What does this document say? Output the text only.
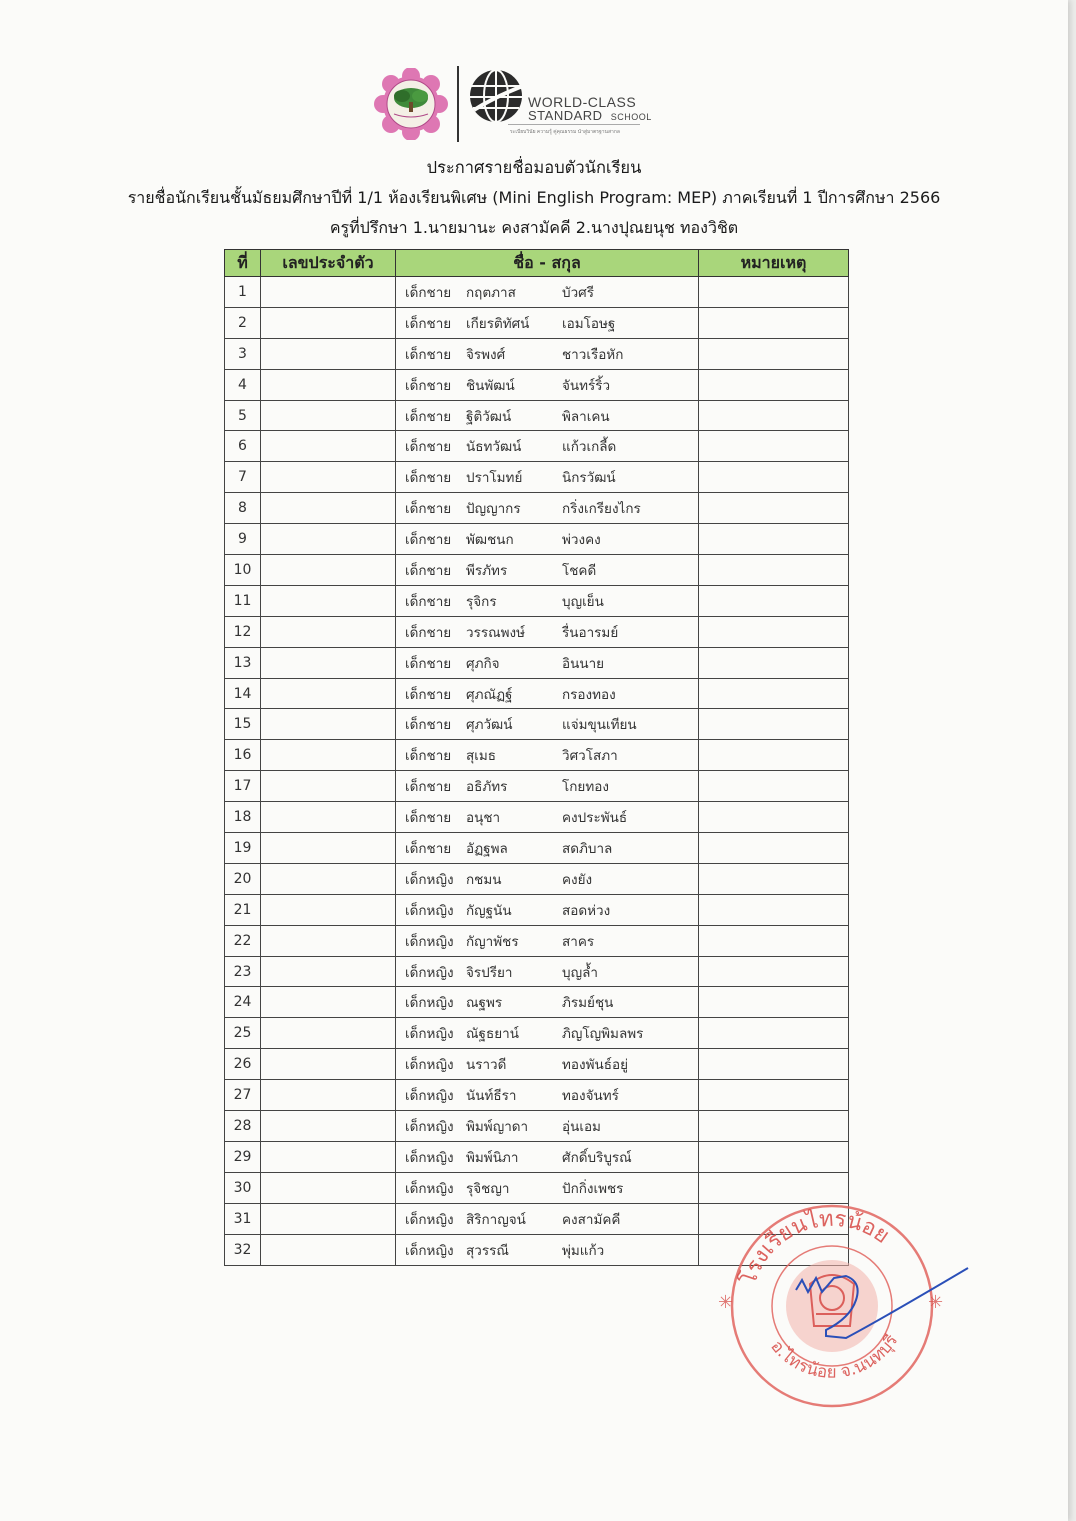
WORLD-CLASS
STANDARD SCHOOL
ระเบียบวินัย ความรู้ คู่คุณธรรม นำสู่มาตรฐานสากล
ประกาศรายชื่อมอบตัวนักเรียน
รายชื่อนักเรียนชั้นมัธยมศึกษาปีที่ 1/1 ห้องเรียนพิเศษ (Mini English Program: MEP) ภาคเรียนที่ 1 ปีการศึกษา 2566
ครูที่ปรึกษา 1.นายมานะ คงสามัคคี 2.นางปุณยนุช ทองวิชิต
ที่	เลขประจำตัว	ชื่อ - สกุล	หมายเหตุ
1		เด็กชาย กฤตภาส บัวศรี	

2		เด็กชาย เกียรติทัศน์ เอมโอษฐ	

3		เด็กชาย จิรพงศ์ ชาวเรือหัก	

4		เด็กชาย ชินพัฒน์ จันทร์ริ้ว	

5		เด็กชาย ฐิติวัฒน์ พิลาเคน	

6		เด็กชาย นัธทวัฒน์ แก้วเกลี้ด	

7		เด็กชาย ปราโมทย์ นิกรวัฒน์	

8		เด็กชาย ปัญญากร กริ่งเกรียงไกร	

9		เด็กชาย พัฒชนก พ่วงคง	

10		เด็กชาย พีรภัทร โชคดี	

11		เด็กชาย รุจิกร บุญเย็น	

12		เด็กชาย วรรณพงษ์ รื่นอารมย์	

13		เด็กชาย ศุภกิจ อินนาย	

14		เด็กชาย ศุภณัฏฐ์ กรองทอง	

15		เด็กชาย ศุภวัฒน์ แจ่มขุนเทียน	

16		เด็กชาย สุเมธ วิศวโสภา	

17		เด็กชาย อธิภัทร โกยทอง	

18		เด็กชาย อนุชา คงประพันธ์	

19		เด็กชาย อัฏฐพล สดภิบาล	

20		เด็กหญิง กชมน คงยัง	

21		เด็กหญิง กัญฐนัน สอดห่วง	

22		เด็กหญิง กัญาพัชร สาคร	

23		เด็กหญิง จิรปรียา บุญล้ำ	

24		เด็กหญิง ณฐพร ภิรมย์ชุน	

25		เด็กหญิง ณัฐธยาน์ ภิญโญพิมลพร	

26		เด็กหญิง นราวดี ทองพันธ์อยู่	

27		เด็กหญิง นันท์ธีรา ทองจันทร์	

28		เด็กหญิง พิมพ์ญาดา อุ่นเอม	

29		เด็กหญิง พิมพ์นิภา ศักดิ์บริบูรณ์	

30		เด็กหญิง รุจิชญา ปักกิ่งเพชร	

31		เด็กหญิง สิริกาญจน์ คงสามัคคี	

32		เด็กหญิง สุวรรณี พุ่มแก้ว	

โรงเรียนไทรน้อย
อ.ไทรน้อย จ.นนทบุรี
✳	✳
